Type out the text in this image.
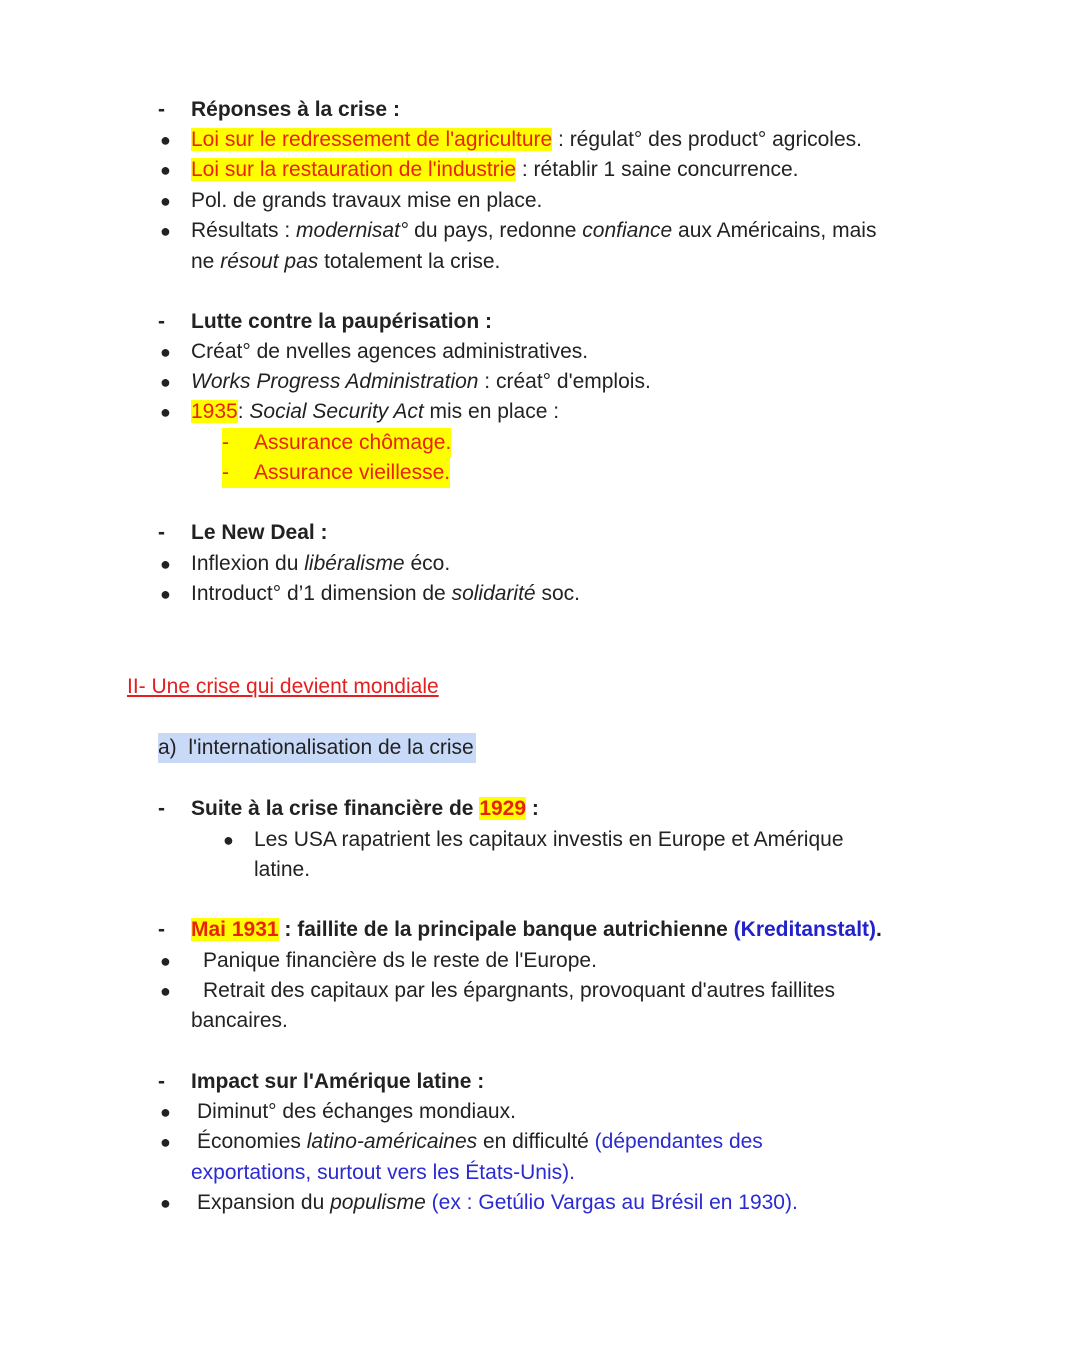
-	Réponses à la crise :
● Loi sur le redressement de l'agriculture : régulat° des product° agricoles.
● Loi sur la restauration de l'industrie : rétablir 1 saine concurrence.
● Pol. de grands travaux mise en place.
● Résultats : modernisat° du pays, redonne confiance aux Américains, mais
ne résout pas totalement la crise.
-	Lutte contre la paupérisation :
● Créat° de nvelles agences administratives.
● Works Progress Administration : créat° d'emplois.
● 1935: Social Security Act mis en place :
- Assurance chômage.
- Assurance vieillesse.
-	Le New Deal :
● Inflexion du libéralisme éco.
● Introduct° d’1 dimension de solidarité soc.
II- Une crise qui devient mondiale
a) l'internationalisation de la crise
-	Suite à la crise financière de 1929 :
● Les USA rapatrient les capitaux investis en Europe et Amérique
latine.
-	Mai 1931 : faillite de la principale banque autrichienne (Kreditanstalt).
●	Panique financière ds le reste de l'Europe.
●	Retrait des capitaux par les épargnants, provoquant d'autres faillites
bancaires.
-	Impact sur l'Amérique latine :
●	Diminut° des échanges mondiaux.
●	Économies latino-américaines en difficulté (dépendantes des
exportations, surtout vers les États-Unis).
●	Expansion du populisme (ex : Getúlio Vargas au Brésil en 1930).
